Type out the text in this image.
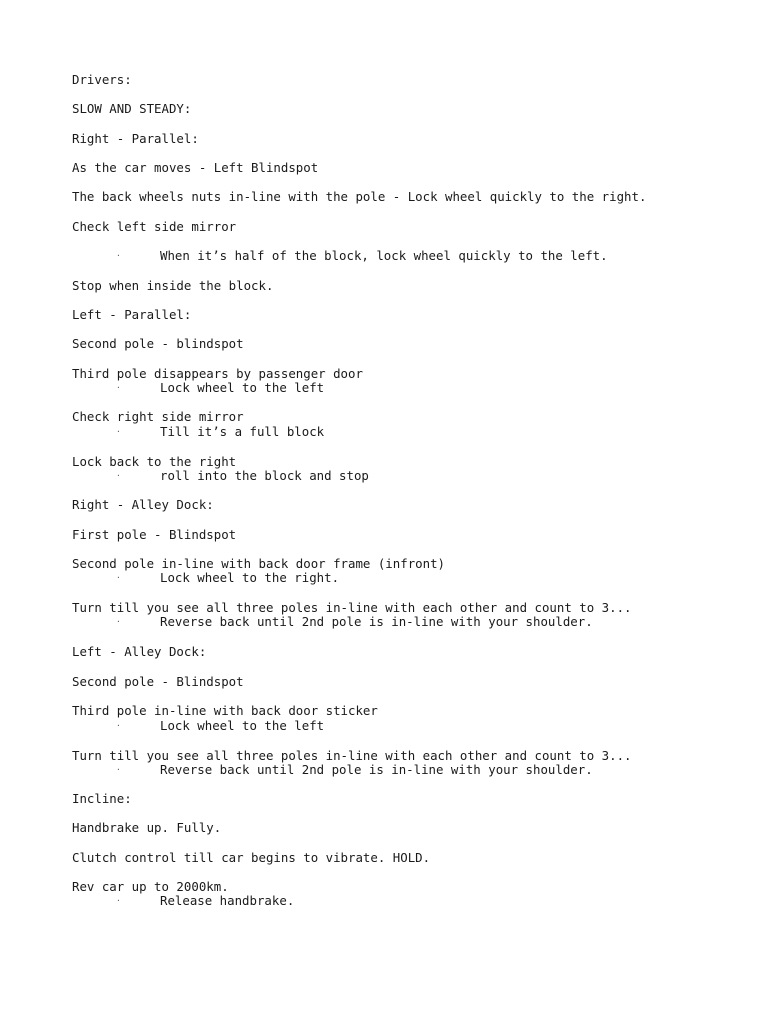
Drivers:
SLOW AND STEADY:
Right - Parallel:
As the car moves - Left Blindspot
The back wheels nuts in-line with the pole - Lock wheel quickly to the right.
Check left side mirror

·

	When it’s half of the block, lock wheel quickly to the left.

Stop when inside the block.
Left - Parallel:
Second pole - blindspot
Third pole disappears by passenger door

·

	Lock wheel to the left

Check right side mirror

·

	Till it’s a full block

Lock back to the right

·

	roll into the block and stop

Right - Alley Dock:
First pole - Blindspot
Second pole in-line with back door frame (infront)

·

	Lock wheel to the right.

Turn till you see all three poles in-line with each other and count to 3...

·

	Reverse back until 2nd pole is in-line with your shoulder.

Left - Alley Dock:
Second pole - Blindspot
Third pole in-line with back door sticker

·

	Lock wheel to the left

Turn till you see all three poles in-line with each other and count to 3...

·

	Reverse back until 2nd pole is in-line with your shoulder.

Incline:
Handbrake up. Fully.
Clutch control till car begins to vibrate. HOLD.
Rev car up to 2000km.

·

	Release handbrake.
